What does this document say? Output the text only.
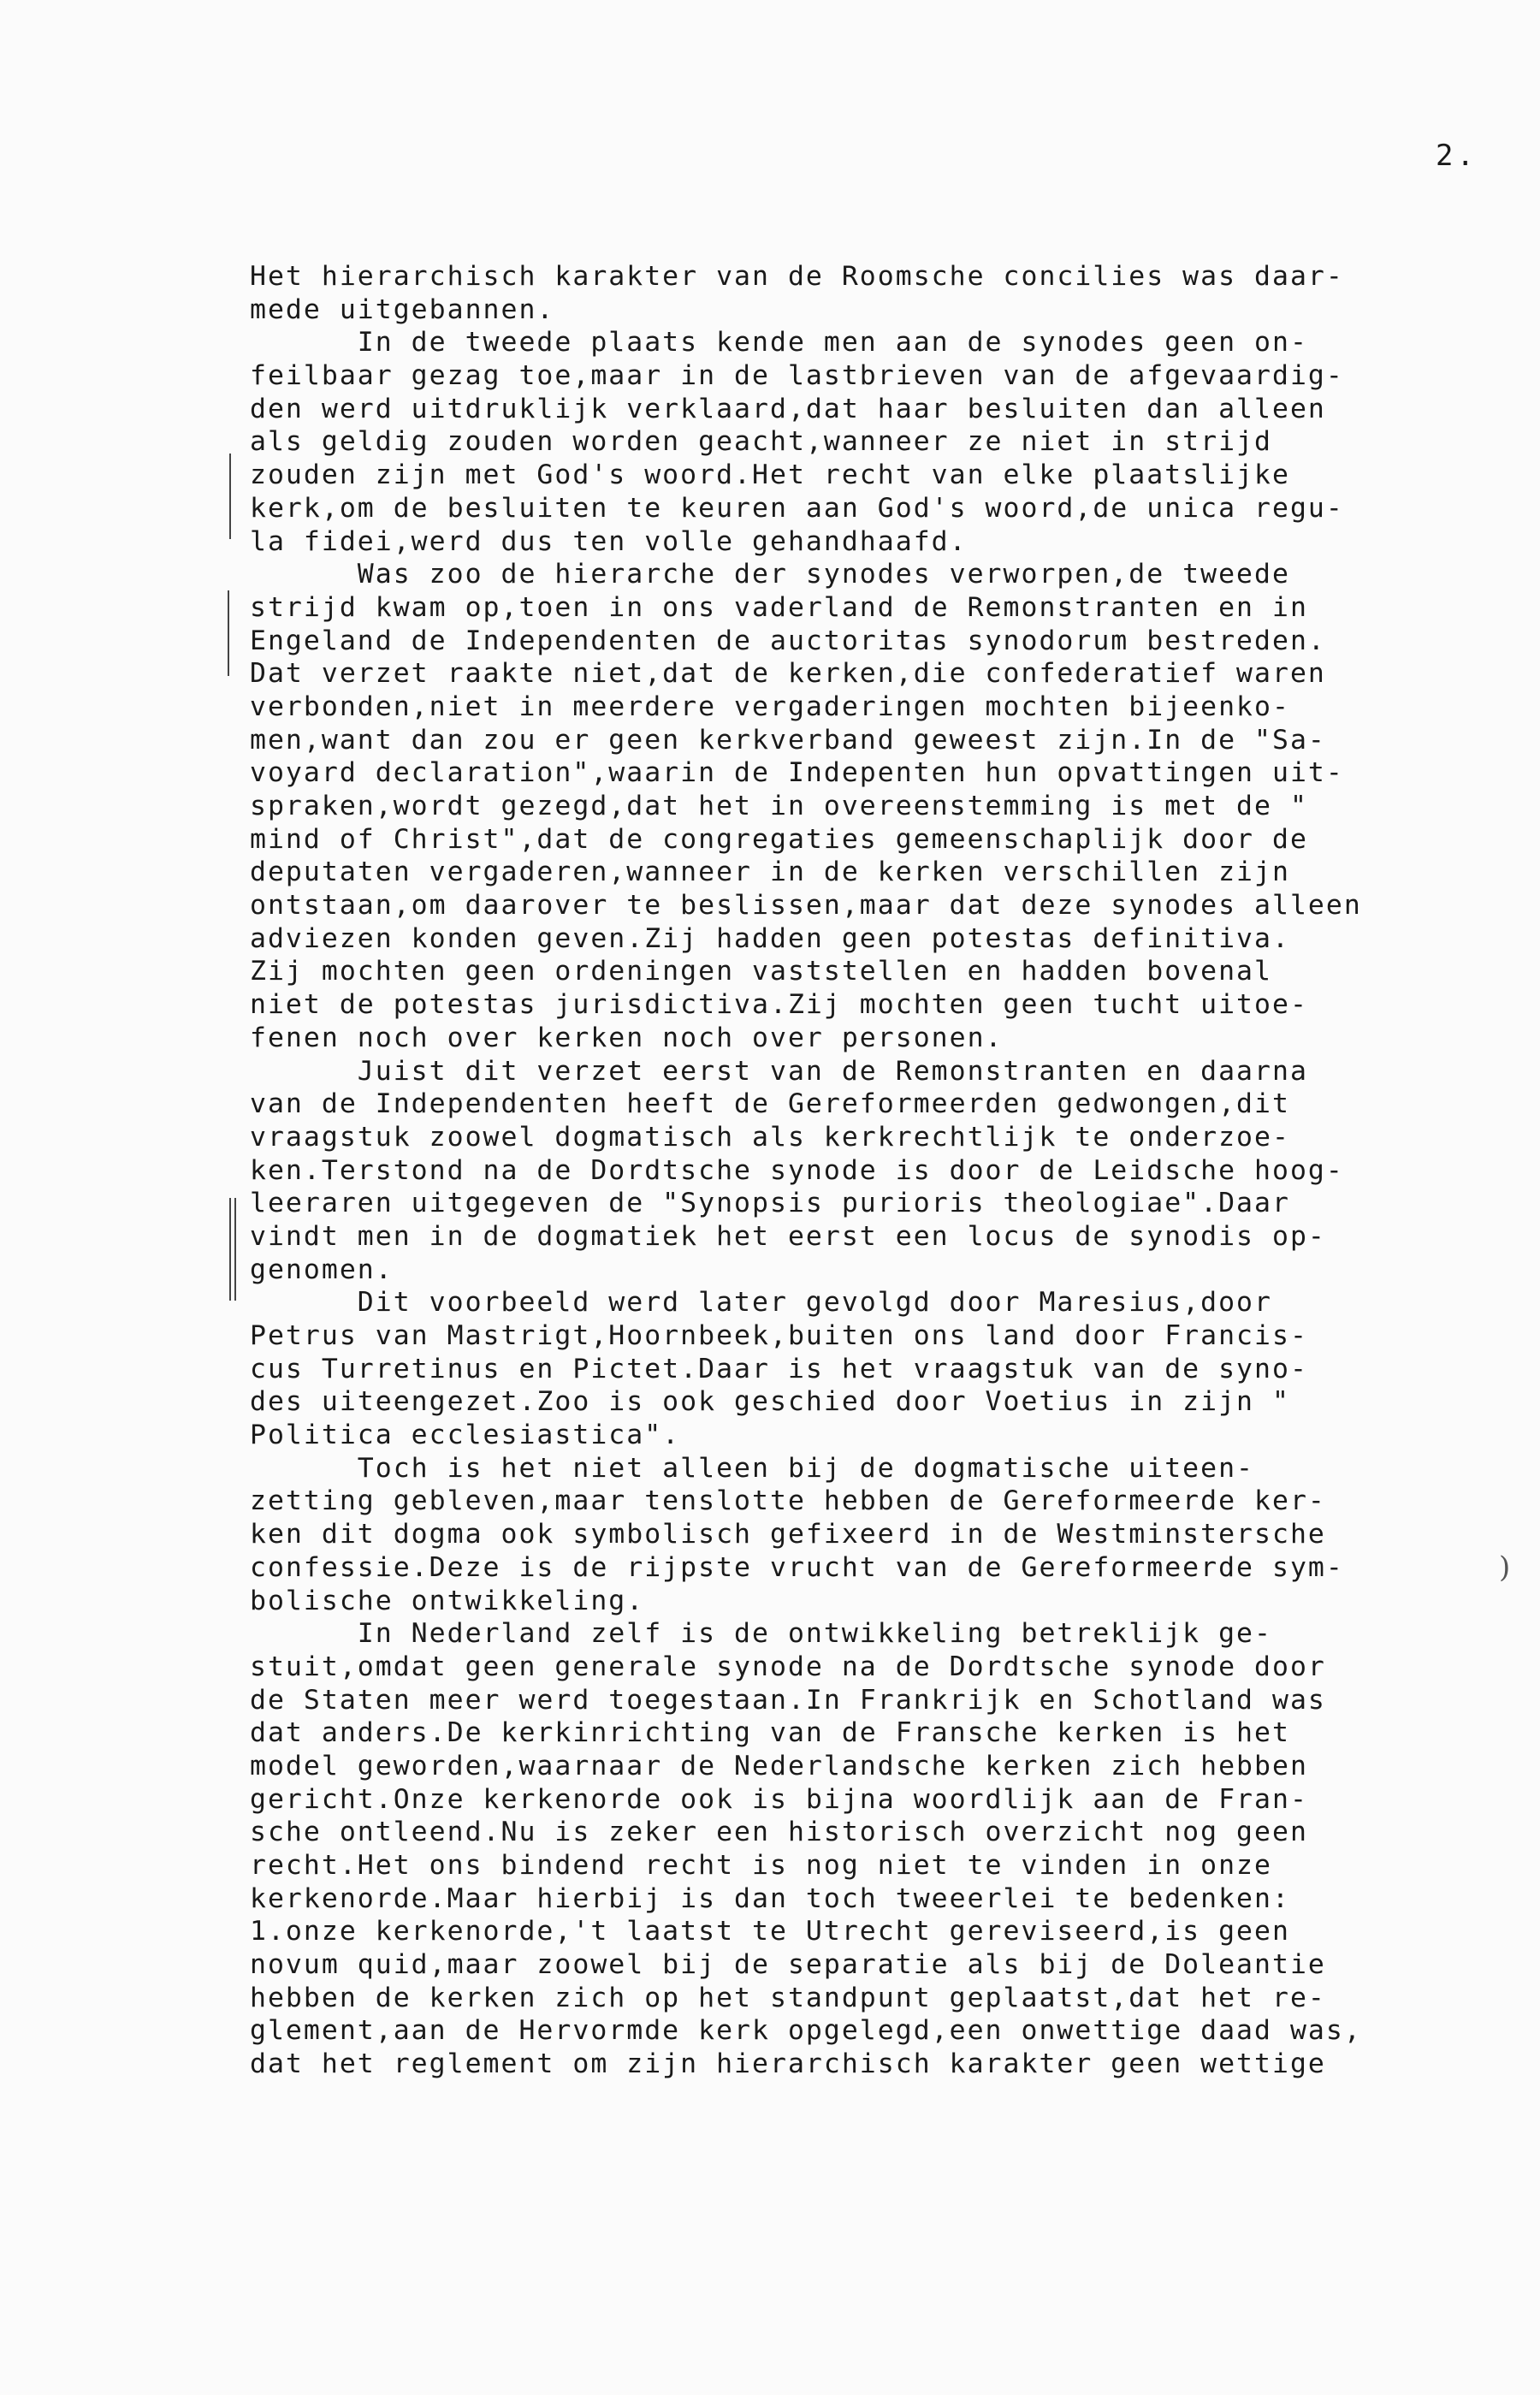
2.
)
Het hierarchisch karakter van de Roomsche concilies was daar-
mede uitgebannen.
In de tweede plaats kende men aan de synodes geen on-
feilbaar gezag toe,maar in de lastbrieven van de afgevaardig-
den werd uitdruklijk verklaard,dat haar besluiten dan alleen
als geldig zouden worden geacht,wanneer ze niet in strijd
zouden zijn met God's woord.Het recht van elke plaatslijke
kerk,om de besluiten te keuren aan God's woord,de unica regu-
la fidei,werd dus ten volle gehandhaafd.
Was zoo de hierarche der synodes verworpen,de tweede
strijd kwam op,toen in ons vaderland de Remonstranten en in
Engeland de Independenten de auctoritas synodorum bestreden.
Dat verzet raakte niet,dat de kerken,die confederatief waren
verbonden,niet in meerdere vergaderingen mochten bijeenko-
men,want dan zou er geen kerkverband geweest zijn.In de "Sa-
voyard declaration",waarin de Indepenten hun opvattingen uit-
spraken,wordt gezegd,dat het in overeenstemming is met de "
mind of Christ",dat de congregaties gemeenschaplijk door de
deputaten vergaderen,wanneer in de kerken verschillen zijn
ontstaan,om daarover te beslissen,maar dat deze synodes alleen
adviezen konden geven.Zij hadden geen potestas definitiva.
Zij mochten geen ordeningen vaststellen en hadden bovenal
niet de potestas jurisdictiva.Zij mochten geen tucht uitoe-
fenen noch over kerken noch over personen.
Juist dit verzet eerst van de Remonstranten en daarna
van de Independenten heeft de Gereformeerden gedwongen,dit
vraagstuk zoowel dogmatisch als kerkrechtlijk te onderzoe-
ken.Terstond na de Dordtsche synode is door de Leidsche hoog-
leeraren uitgegeven de "Synopsis purioris theologiae".Daar
vindt men in de dogmatiek het eerst een locus de synodis op-
genomen.
Dit voorbeeld werd later gevolgd door Maresius,door
Petrus van Mastrigt,Hoornbeek,buiten ons land door Francis-
cus Turretinus en Pictet.Daar is het vraagstuk van de syno-
des uiteengezet.Zoo is ook geschied door Voetius in zijn "
Politica ecclesiastica".
Toch is het niet alleen bij de dogmatische uiteen-
zetting gebleven,maar tenslotte hebben de Gereformeerde ker-
ken dit dogma ook symbolisch gefixeerd in de Westminstersche
confessie.Deze is de rijpste vrucht van de Gereformeerde sym-
bolische ontwikkeling.
In Nederland zelf is de ontwikkeling betreklijk ge-
stuit,omdat geen generale synode na de Dordtsche synode door
de Staten meer werd toegestaan.In Frankrijk en Schotland was
dat anders.De kerkinrichting van de Fransche kerken is het
model geworden,waarnaar de Nederlandsche kerken zich hebben
gericht.Onze kerkenorde ook is bijna woordlijk aan de Fran-
sche ontleend.Nu is zeker een historisch overzicht nog geen
recht.Het ons bindend recht is nog niet te vinden in onze
kerkenorde.Maar hierbij is dan toch tweeerlei te bedenken:
1.onze kerkenorde,'t laatst te Utrecht gereviseerd,is geen
novum quid,maar zoowel bij de separatie als bij de Doleantie
hebben de kerken zich op het standpunt geplaatst,dat het re-
glement,aan de Hervormde kerk opgelegd,een onwettige daad was,
dat het reglement om zijn hierarchisch karakter geen wettige
